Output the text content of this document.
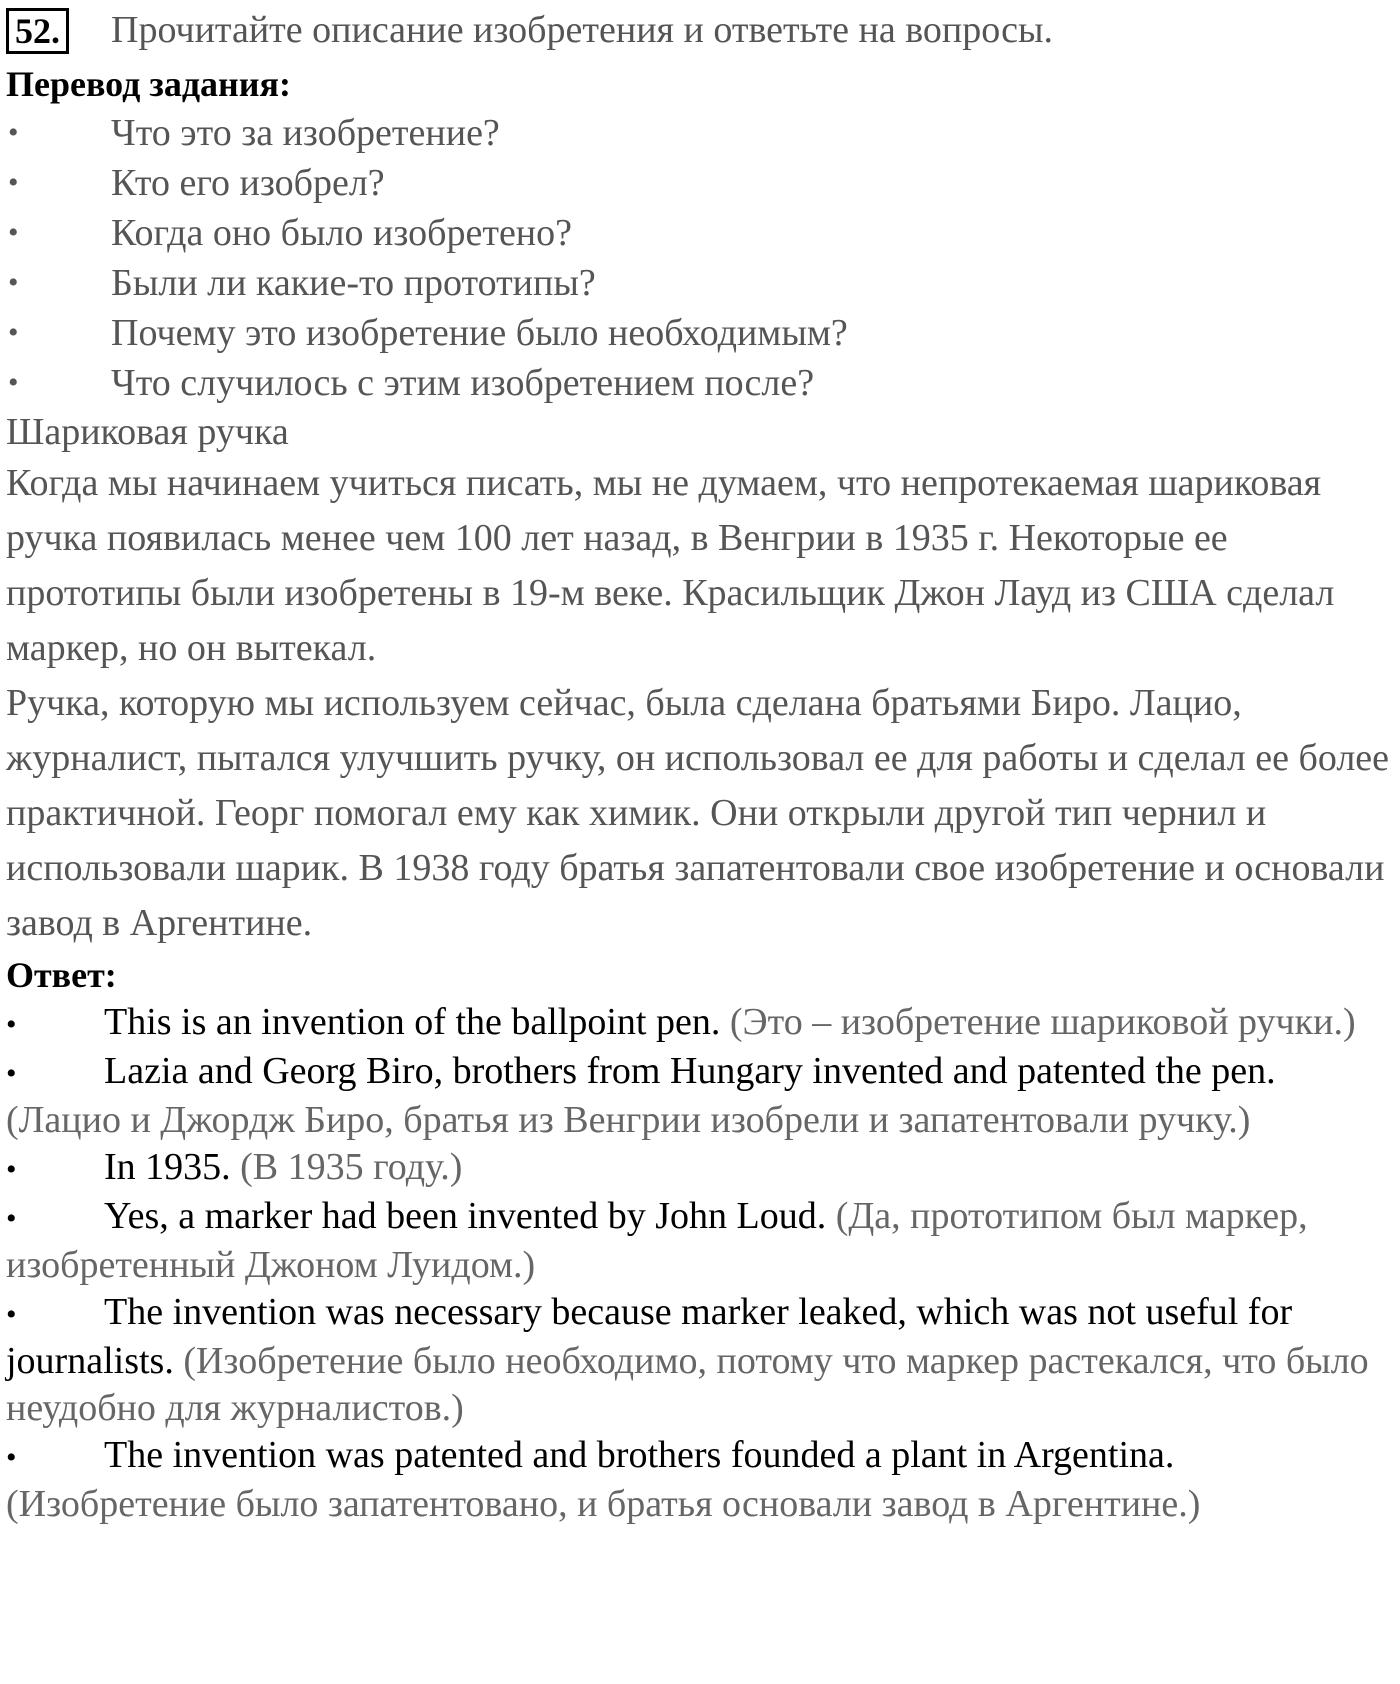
52. Прочитайте описание изобретения и ответьте на вопросы.
Перевод задания:
• Что это за изобретение?
• Кто его изобрел?
• Когда оно было изобретено?
• Были ли какие-то прототипы?
• Почему это изобретение было необходимым?
• Что случилось с этим изобретением после?
Шариковая ручка

Когда мы начинаем учиться писать, мы не думаем, что непротекаемая шариковая ручка появилась менее чем 100 лет назад, в Венгрии в 1935 г. Некоторые ее прототипы были изобретены в 19-м веке. Красильщик Джон Лауд из США сделал маркер, но он вытекал.

Ручка, которую мы используем сейчас, была сделана братьями Биро. Лацио, журналист, пытался улучшить ручку, он использовал ее для работы и сделал ее более практичной. Георг помогал ему как химик. Они открыли другой тип чернил и использовали шарик. В 1938 году братья запатентовали свое изобретение и основали завод в Аргентине.

Ответ:
• This is an invention of the ballpoint pen. (Это – изобретение шариковой ручки.)
• Lazia and Georg Biro, brothers from Hungary invented and patented the pen. (Лацио и Джордж Биро, братья из Венгрии изобрели и запатентовали ручку.)
• In 1935. (В 1935 году.)
• Yes, a marker had been invented by John Loud. (Да, прототипом был маркер, изобретенный Джоном Луидом.)
• The invention was necessary because marker leaked, which was not useful for journalists. (Изобретение было необходимо, потому что маркер растекался, что было неудобно для журналистов.)
• The invention was patented and brothers founded a plant in Argentina. (Изобретение было запатентовано, и братья основали завод в Аргентине.)
